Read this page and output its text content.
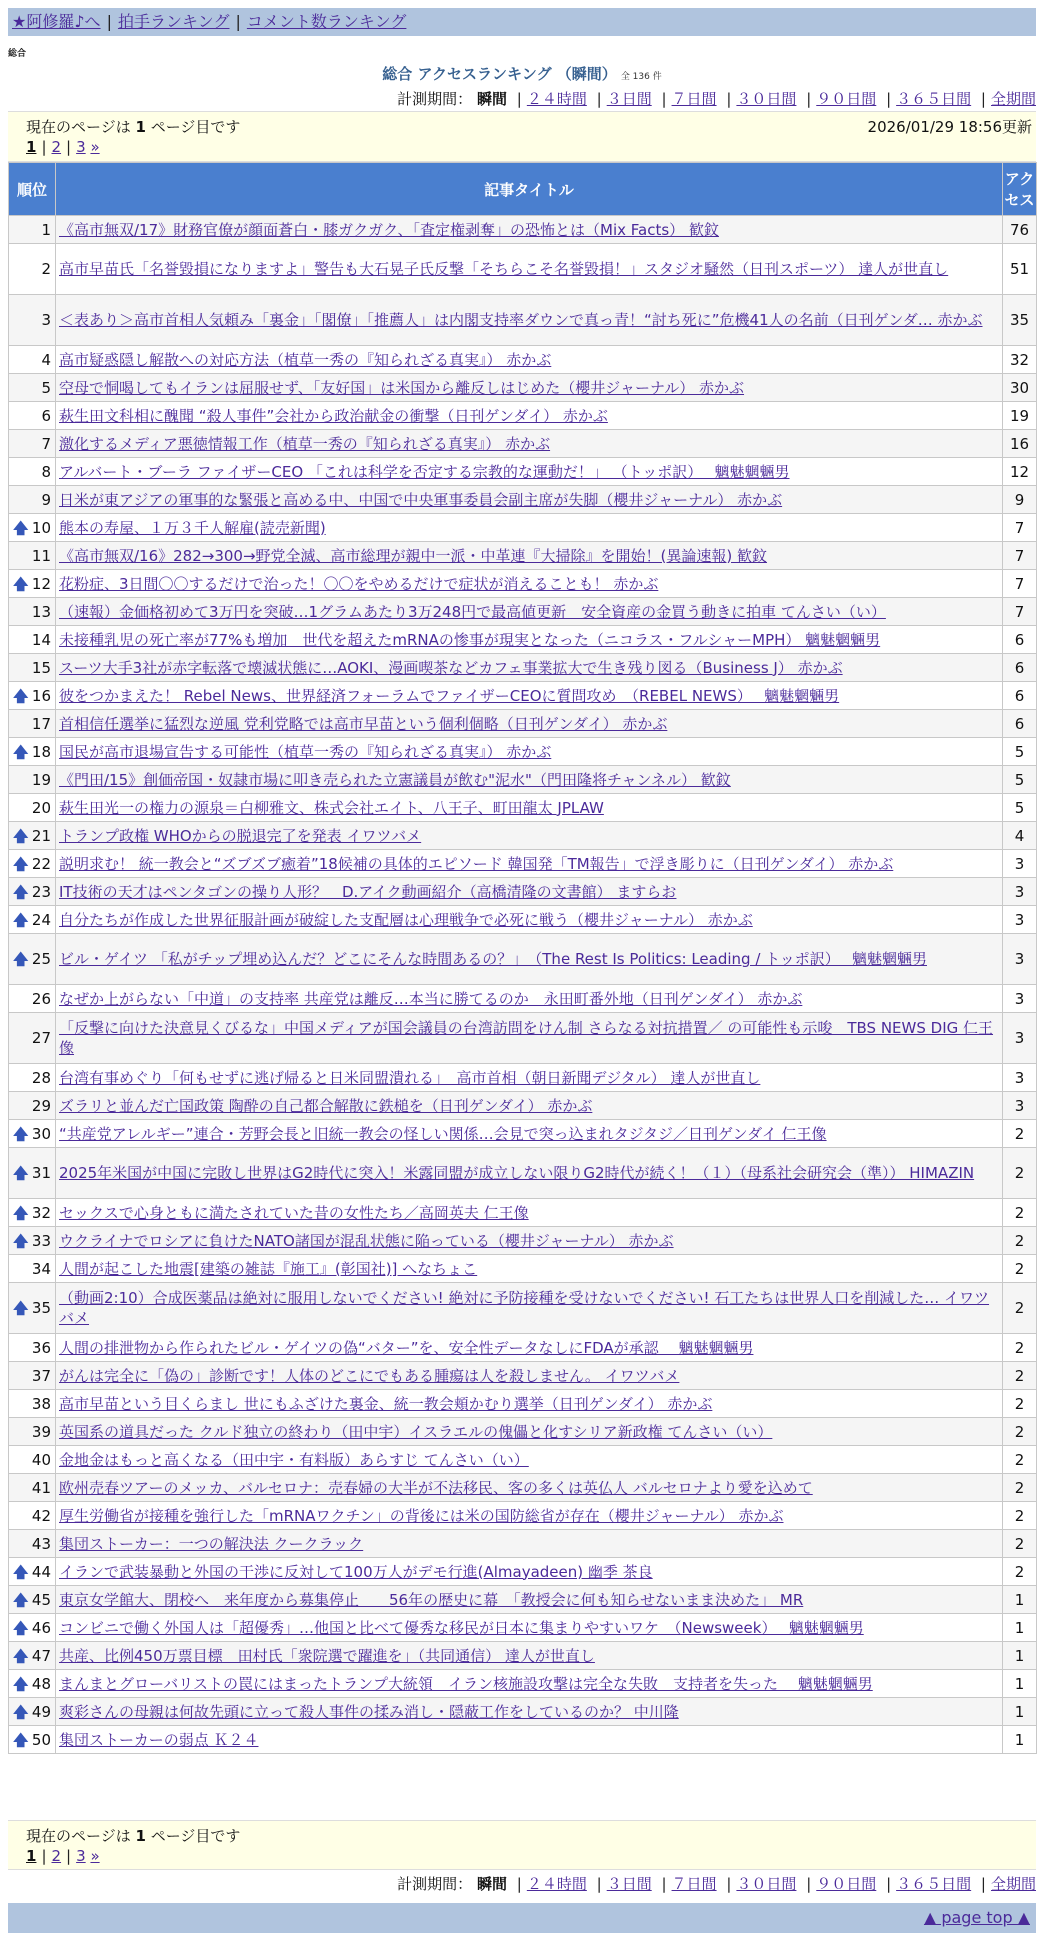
★阿修羅♪へ | 拍手ランキング | コメント数ランキング
総合
総合 アクセスランキング （瞬間） 全 136 件
計測期間： 瞬間 | ２４時間 | ３日間 | ７日間 | ３０日間 | ９０日間 | ３６５日間 | 全期間
現在のページは 1 ページ目です	2026/01/29 18:56更新
1 | 2 | 3 »
順位	記事タイトル	アクセス
1	《高市無双/17》財務官僚が顔面蒼白・膝ガクガク、「査定権剥奪」の恐怖とは（Mix Facts） 歓鈫	76
2	高市早苗氏「名誉毀損になりますよ」警告も大石晃子氏反撃「そちらこそ名誉毀損！」スタジオ騒然（日刊スポーツ） 達人が世直し	51
3	＜表あり＞高市首相人気頼み「裏金」「閣僚」「推薦人」は内閣支持率ダウンで真っ青！“討ち死に”危機41人の名前（日刊ゲンダ… 赤かぶ	35
4	高市疑惑隠し解散への対応方法（植草一秀の『知られざる真実』） 赤かぶ	32
5	空母で恫喝してもイランは屈服せず、「友好国」は米国から離反しはじめた（櫻井ジャーナル） 赤かぶ	30
6	萩生田文科相に醜聞 “殺人事件”会社から政治献金の衝撃（日刊ゲンダイ） 赤かぶ	19
7	激化するメディア悪徳情報工作（植草一秀の『知られざる真実』） 赤かぶ	16
8	アルバート・ブーラ ファイザーCEO 「これは科学を否定する宗教的な運動だ！」 （トッポ訳）　 魑魅魍魎男	12
9	日米が東アジアの軍事的な緊張と高める中、中国で中央軍事委員会副主席が失脚（櫻井ジャーナル） 赤かぶ	9

🡅 10	熊本の寿屋、１万３千人解雇(読売新聞)	7
11	《高市無双/16》282→300→野党全滅、高市総理が親中一派・中革連『大掃除』を開始！(異論速報) 歓鈫	7

🡅 12	花粉症、3日間〇〇するだけで治った！〇〇をやめるだけで症状が消えることも！ 赤かぶ	7
13	（速報）金価格初めて3万円を突破…1グラムあたり3万248円で最高値更新　安全資産の金買う動きに拍車 てんさい（い）	7
14	未接種乳児の死亡率が77%も増加　世代を超えたmRNAの惨事が現実となった（ニコラス・フルシャーMPH） 魑魅魍魎男	6
15	スーツ大手3社が赤字転落で壊滅状態に…AOKI、漫画喫茶などカフェ事業拡大で生き残り図る（Business J） 赤かぶ	6

🡅 16	彼をつかまえた！ Rebel News、世界経済フォーラムでファイザーCEOに質問攻め　（REBEL NEWS）　 魑魅魍魎男	6
17	首相信任選挙に猛烈な逆風 党利党略では高市早苗という個利個略（日刊ゲンダイ） 赤かぶ	6

🡅 18	国民が高市退場宣告する可能性（植草一秀の『知られざる真実』） 赤かぶ	5
19	《門田/15》創価帝国・奴隷市場に叩き売られた立憲議員が飲む"泥水"（門田隆将チャンネル） 歓鈫	5
20	萩生田光一の権力の源泉＝白柳雅文、株式会社エイト、八王子、町田龍太 JPLAW	5

🡅 21	トランプ政権 WHOからの脱退完了を発表 イワツバメ	4

🡅 22	説明求む！ 統一教会と“ズブズブ癒着”18候補の具体的エピソード 韓国発「TM報告」で浮き彫りに（日刊ゲンダイ） 赤かぶ	3

🡅 23	IT技術の天才はペンタゴンの操り人形？　D.アイク動画紹介（高橋清隆の文書館） ますらお	3

🡅 24	自分たちが作成した世界征服計画が破綻した支配層は心理戦争で必死に戦う（櫻井ジャーナル） 赤かぶ	3

🡅 25	ビル・ゲイツ 「私がチップ埋め込んだ？どこにそんな時間あるの？」　（The Rest Is Politics: Leading / トッポ訳）　 魑魅魍魎男	3
26	なぜか上がらない「中道」の支持率 共産党は離反…本当に勝てるのか　永田町番外地（日刊ゲンダイ） 赤かぶ	3
27	「反撃に向けた決意見くびるな」中国メディアが国会議員の台湾訪問をけん制 さらなる対抗措置／ の可能性も示唆　TBS NEWS DIG 仁王像	3
28	台湾有事めぐり「何もせずに逃げ帰ると日米同盟潰れる」　高市首相（朝日新聞デジタル） 達人が世直し	3
29	ズラリと並んだ亡国政策 陶酔の自己都合解散に鉄槌を（日刊ゲンダイ） 赤かぶ	3

🡅 30	“共産党アレルギー”連合・芳野会長と旧統一教会の怪しい関係…会見で突っ込まれタジタジ／日刊ゲンダイ 仁王像	2

🡅 31	2025年米国が中国に完敗し世界はG2時代に突入！米露同盟が成立しない限りG2時代が続く！（１）（母系社会研究会（準）） HIMAZIN	2

🡅 32	セックスで心身ともに満たされていた昔の女性たち／高岡英夫 仁王像	2

🡅 33	ウクライナでロシアに負けたNATO諸国が混乱状態に陥っている（櫻井ジャーナル） 赤かぶ	2
34	人間が起こした地震[建築の雑誌『施工』(彰国社)] へなちょこ	2

🡅 35	（動画2:10）合成医薬品は絶対に服用しないでください! 絶対に予防接種を受けないでください! 石工たちは世界人口を削減した… イワツバメ	2
36	人間の排泄物から作られたビル・ゲイツの偽“バター”を、安全性データなしにFDAが承認　 魑魅魍魎男	2
37	がんは完全に「偽の」診断です！人体のどこにでもある腫瘍は人を殺しません。 イワツバメ	2
38	高市早苗という目くらまし 世にもふざけた裏金、統一教会頬かむり選挙（日刊ゲンダイ） 赤かぶ	2
39	英国系の道具だった クルド独立の終わり（田中宇）イスラエルの傀儡と化すシリア新政権 てんさい（い）	2
40	金地金はもっと高くなる（田中宇・有料版）あらすじ てんさい（い）	2
41	欧州売春ツアーのメッカ、バルセロナ：売春婦の大半が不法移民、客の多くは英仏人 バルセロナより愛を込めて	2
42	厚生労働省が接種を強行した「mRNAワクチン」の背後には米の国防総省が存在（櫻井ジャーナル） 赤かぶ	2
43	集団ストーカー：一つの解決法 クークラック	2

🡅 44	イランで武装暴動と外国の干渉に反対して100万人がデモ行進(Almayadeen) 幽季 茶良	2

🡅 45	東京女学館大、閉校へ　来年度から募集停止　　56年の歴史に幕　「教授会に何も知らせないまま決めた」 MR	1

🡅 46	コンビニで働く外国人は「超優秀」…他国と比べて優秀な移民が日本に集まりやすいワケ　（Newsweek）　 魑魅魍魎男	1

🡅 47	共産、比例450万票目標　田村氏「衆院選で躍進を」（共同通信） 達人が世直し	1

🡅 48	まんまとグローバリストの罠にはまったトランプ大統領　イラン核施設攻撃は完全な失敗　支持者を失った　 魑魅魍魎男	1

🡅 49	爽彩さんの母親は何故先頭に立って殺人事件の揉み消し・隠蔽工作をしているのか？ 中川隆	1

🡅 50	集団ストーカーの弱点 Ｋ２４	1
現在のページは 1 ページ目です
1 | 2 | 3 »
計測期間： 瞬間 | ２４時間 | ３日間 | ７日間 | ３０日間 | ９０日間 | ３６５日間 | 全期間
▲ page top ▲
